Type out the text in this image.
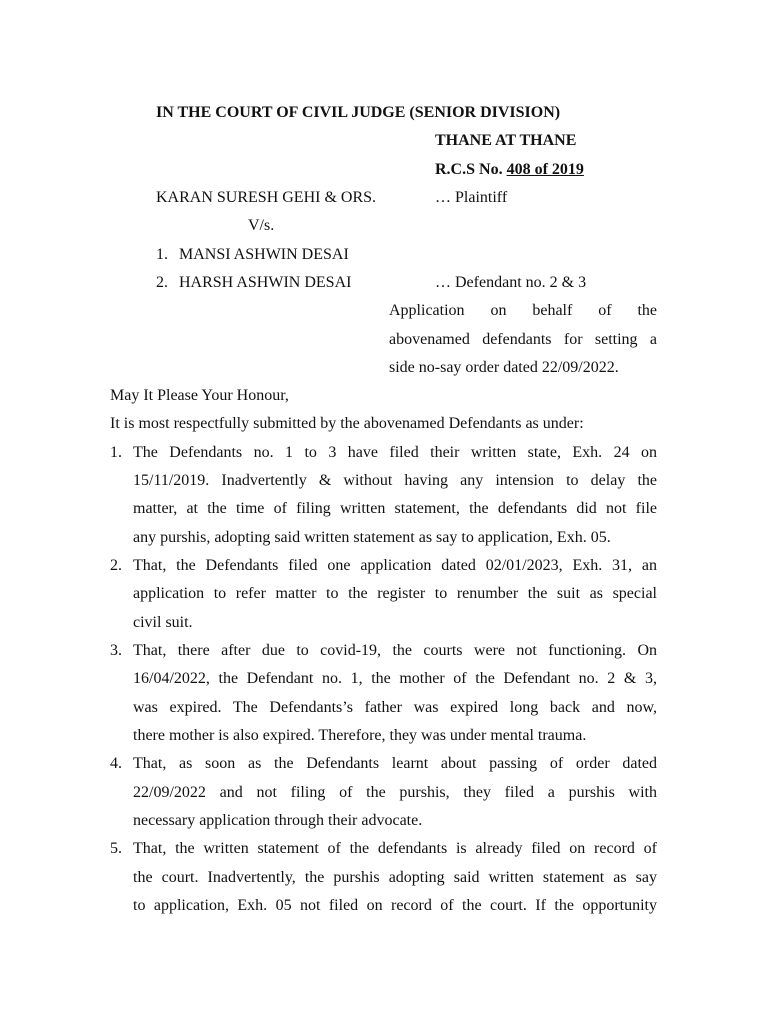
IN THE COURT OF CIVIL JUDGE (SENIOR DIVISION)
THANE AT THANE
R.C.S No. 408 of 2019
KARAN SURESH GEHI & ORS.	… Plaintiff
V/s.
1. MANSI ASHWIN DESAI
2. HARSH ASHWIN DESAI	… Defendant no. 2 & 3
Application on behalf of the
abovenamed defendants for setting a
side no-say order dated 22/09/2022.
May It Please Your Honour,
It is most respectfully submitted by the abovenamed Defendants as under:
1. The Defendants no. 1 to 3 have filed their written state, Exh. 24 on
15/11/2019. Inadvertently & without having any intension to delay the
matter, at the time of filing written statement, the defendants did not file
any purshis, adopting said written statement as say to application, Exh. 05.
2. That, the Defendants filed one application dated 02/01/2023, Exh. 31, an
application to refer matter to the register to renumber the suit as special
civil suit.
3. That, there after due to covid-19, the courts were not functioning. On
16/04/2022, the Defendant no. 1, the mother of the Defendant no. 2 & 3,
was expired. The Defendants’s father was expired long back and now,
there mother is also expired. Therefore, they was under mental trauma.
4. That, as soon as the Defendants learnt about passing of order dated
22/09/2022 and not filing of the purshis, they filed a purshis with
necessary application through their advocate.
5. That, the written statement of the defendants is already filed on record of
the court. Inadvertently, the purshis adopting said written statement as say
to application, Exh. 05 not filed on record of the court. If the opportunity
